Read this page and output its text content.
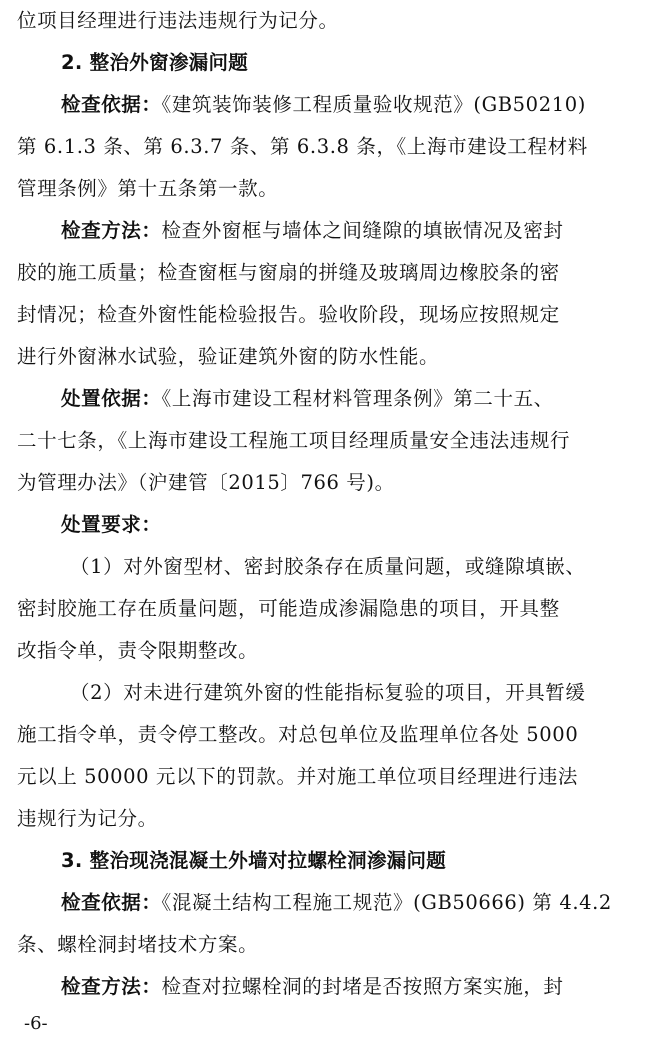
位项目经理进行违法违规行为记分。
2. 整治外窗渗漏问题
检查依据：《建筑装饰装修工程质量验收规范》(GB50210)
第 6.1.3 条、第 6.3.7 条、第 6.3.8 条，《上海市建设工程材料
管理条例》第十五条第一款。
检查方法：检查外窗框与墙体之间缝隙的填嵌情况及密封
胶的施工质量；检查窗框与窗扇的拼缝及玻璃周边橡胶条的密
封情况；检查外窗性能检验报告。验收阶段，现场应按照规定
进行外窗淋水试验，验证建筑外窗的防水性能。
处置依据：《上海市建设工程材料管理条例》第二十五、
二十七条，《上海市建设工程施工项目经理质量安全违法违规行
为管理办法》（沪建管〔2015〕766 号)。
处置要求：
（1）对外窗型材、密封胶条存在质量问题，或缝隙填嵌、
密封胶施工存在质量问题，可能造成渗漏隐患的项目，开具整
改指令单，责令限期整改。
（2）对未进行建筑外窗的性能指标复验的项目，开具暂缓
施工指令单，责令停工整改。对总包单位及监理单位各处 5000
元以上 50000 元以下的罚款。并对施工单位项目经理进行违法
违规行为记分。
3. 整治现浇混凝土外墙对拉螺栓洞渗漏问题
检查依据：《混凝土结构工程施工规范》(GB50666) 第 4.4.2
条、螺栓洞封堵技术方案。
检查方法：检查对拉螺栓洞的封堵是否按照方案实施，封
-6-
